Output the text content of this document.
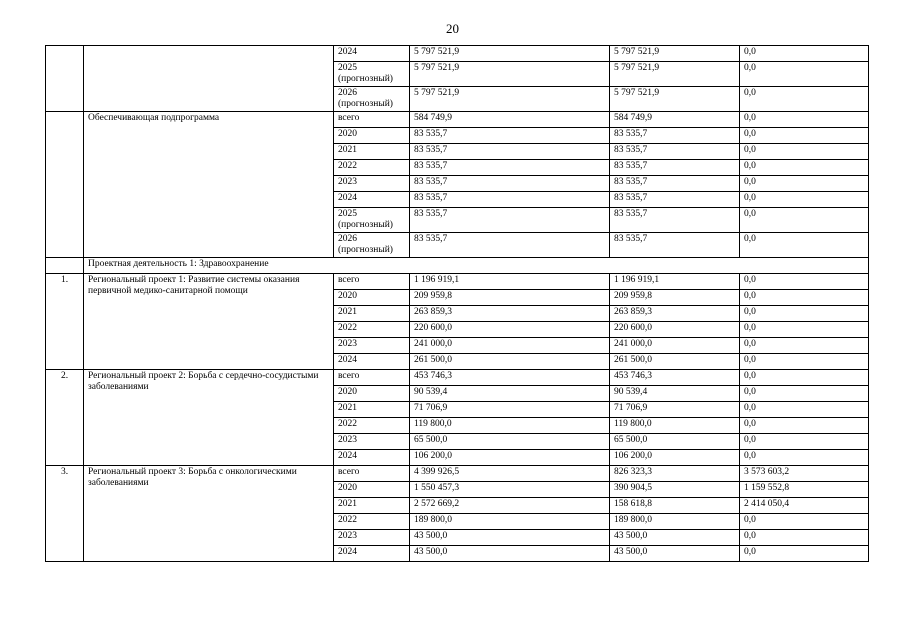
20
		2024	5 797 521,9	5 797 521,9	0,0
		2025 (прогнозный)	5 797 521,9	5 797 521,9	0,0
		2026 (прогнозный)	5 797 521,9	5 797 521,9	0,0
	Обеспечивающая подпрограмма	всего	584 749,9	584 749,9	0,0
		2020	83 535,7	83 535,7	0,0
		2021	83 535,7	83 535,7	0,0
		2022	83 535,7	83 535,7	0,0
		2023	83 535,7	83 535,7	0,0
		2024	83 535,7	83 535,7	0,0
		2025 (прогнозный)	83 535,7	83 535,7	0,0
		2026 (прогнозный)	83 535,7	83 535,7	0,0
	Проектная деятельность 1: Здравоохранение				
1.	Региональный проект 1: Развитие системы оказания первичной медико-санитарной помощи	всего	1 196 919,1	1 196 919,1	0,0
		2020	209 959,8	209 959,8	0,0
		2021	263 859,3	263 859,3	0,0
		2022	220 600,0	220 600,0	0,0
		2023	241 000,0	241 000,0	0,0
		2024	261 500,0	261 500,0	0,0
2.	Региональный проект 2: Борьба с сердечно-сосудистыми заболеваниями	всего	453 746,3	453 746,3	0,0
		2020	90 539,4	90 539,4	0,0
		2021	71 706,9	71 706,9	0,0
		2022	119 800,0	119 800,0	0,0
		2023	65 500,0	65 500,0	0,0
		2024	106 200,0	106 200,0	0,0
3.	Региональный проект 3: Борьба с онкологическими заболеваниями	всего	4 399 926,5	826 323,3	3 573 603,2
		2020	1 550 457,3	390 904,5	1 159 552,8
		2021	2 572 669,2	158 618,8	2 414 050,4
		2022	189 800,0	189 800,0	0,0
		2023	43 500,0	43 500,0	0,0
		2024	43 500,0	43 500,0	0,0
